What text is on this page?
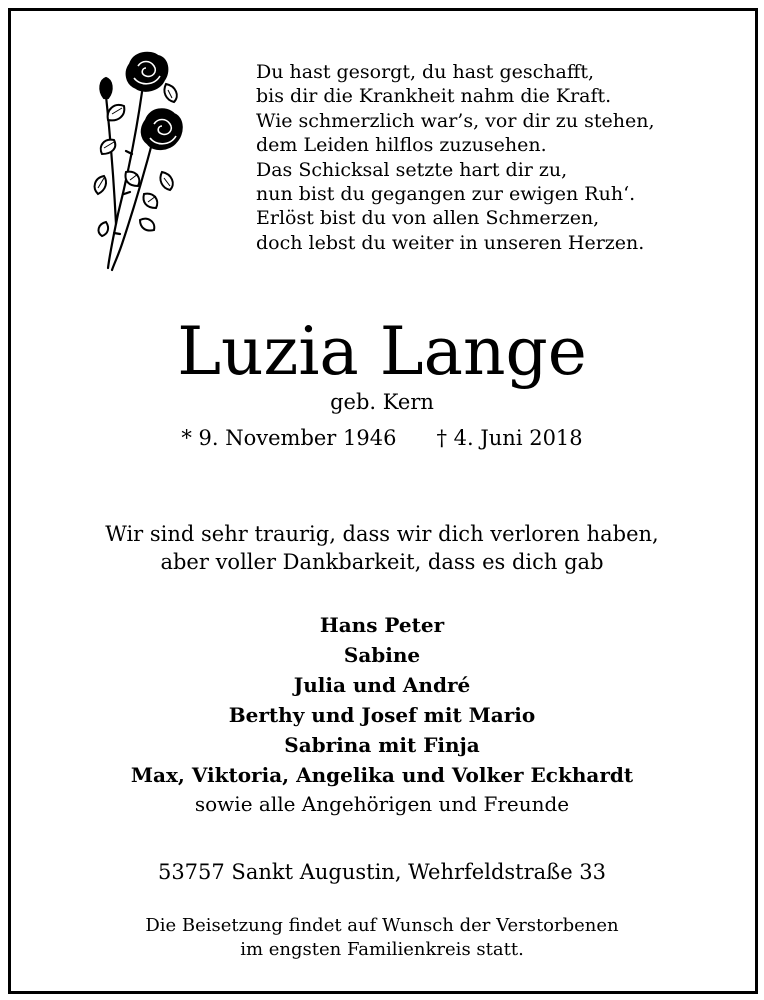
Du hast gesorgt, du hast geschafft,
bis dir die Krankheit nahm die Kraft.
Wie schmerzlich war’s, vor dir zu stehen,
dem Leiden hilflos zuzusehen.
Das Schicksal setzte hart dir zu,
nun bist du gegangen zur ewigen Ruh‘.
Erlöst bist du von allen Schmerzen,
doch lebst du weiter in unseren Herzen.
Luzia Lange
geb. Kern
* 9. November 1946 † 4. Juni 2018
Wir sind sehr traurig, dass wir dich verloren haben,
aber voller Dankbarkeit, dass es dich gab
Hans Peter
Sabine
Julia und André
Berthy und Josef mit Mario
Sabrina mit Finja
Max, Viktoria, Angelika und Volker Eckhardt
sowie alle Angehörigen und Freunde
53757 Sankt Augustin, Wehrfeldstraße 33
Die Beisetzung findet auf Wunsch der Verstorbenen
im engsten Familienkreis statt.
